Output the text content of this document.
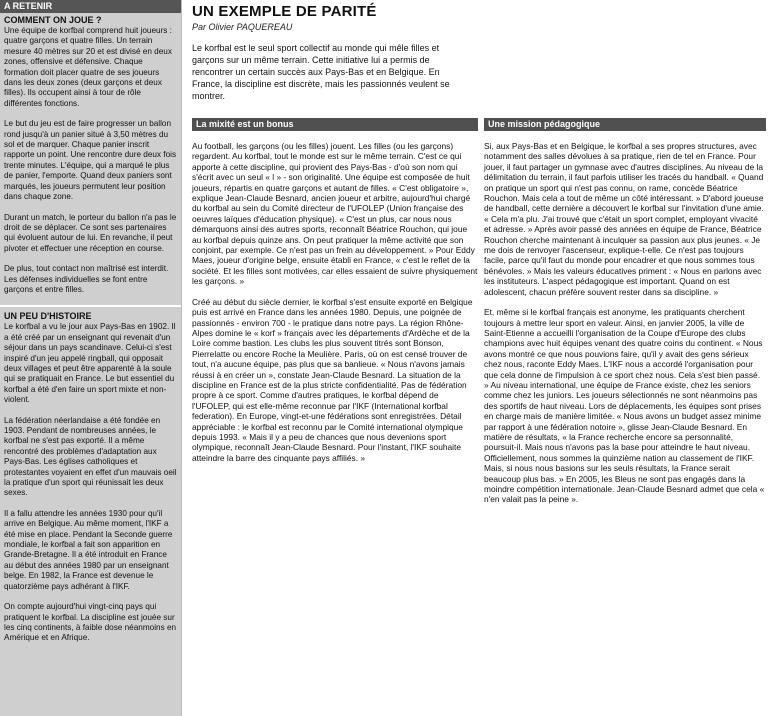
A RETENIR
COMMENT ON JOUE ?

Une équipe de korfbal comprend huit joueurs : quatre garçons et quatre filles. Un terrain mesure 40 mètres sur 20 et est divisé en deux zones, offensive et défensive. Chaque formation doit placer quatre de ses joueurs dans les deux zones (deux garçons et deux filles). Ils occupent ainsi à tour de rôle différentes fonctions.

Le but du jeu est de faire progresser un ballon rond jusqu'à un panier situé à 3,50 mètres du sol et de marquer. Chaque panier inscrit rapporte un point. Une rencontre dure deux fois trente minutes. L'équipe, qui a marqué le plus de panier, l'emporte. Quand deux paniers sont marqués, les joueurs permutent leur position dans chaque zone.

Durant un match, le porteur du ballon n'a pas le droit de se déplacer. Ce sont ses partenaires qui évoluent autour de lui. En revanche, il peut pivoter et effectuer une réception en course.

De plus, tout contact non maîtrisé est interdit. Les défenses individuelles se font entre garçons et entre filles.

UN PEU D'HISTOIRE

Le korfbal a vu le jour aux Pays-Bas en 1902. Il a été créé par un enseignant qui revenait d'un séjour dans un pays scandinave. Celui-ci s'est inspiré d'un jeu appelé ringball, qui opposait deux villages et peut être apparenté à la soule qui se pratiquait en France. Le but essentiel du korfbal a été d'en faire un sport mixte et non-violent.

La fédération néerlandaise a été fondée en 1903. Pendant de nombreuses années, le korfbal ne s'est pas exporté. Il a même rencontré des problèmes d'adaptation aux Pays-Bas. Les églises catholiques et protestantes voyaient en effet d'un mauvais oeil la pratique d'un sport qui réunissait les deux sexes.

Il a fallu attendre les années 1930 pour qu'il arrive en Belgique. Au même moment, l'IKF a été mise en place. Pendant la Seconde guerre mondiale, le korfbal a fait son apparition en Grande-Bretagne. Il a été introduit en France au début des années 1980 par un enseignant belge. En 1982, la France est devenue le quatorzième pays adhérant à l'IKF.

On compte aujourd'hui vingt-cinq pays qui pratiquent le korfbal. La discipline est jouée sur les cinq continents, à faible dose néanmoins en Amérique et en Afrique.

UN EXEMPLE DE PARITÉ
Par Olivier PAQUEREAU

Le korfbal est le seul sport collectif au monde qui mêle filles et garçons sur un même terrain. Cette initiative lui a permis de rencontrer un certain succès aux Pays-Bas et en Belgique. En France, la discipline est discrète, mais les passionnés veulent se montrer.

La mixité est un bonus

Au football, les garçons (ou les filles) jouent. Les filles (ou les garçons) regardent. Au korfbal, tout le monde est sur le même terrain. C'est ce qui apporte à cette discipline, qui provient des Pays-Bas - d'où son nom qui s'écrit avec un seul « l » - son originalité. Une équipe est composée de huit joueurs, répartis en quatre garçons et autant de filles. « C'est obligatoire », explique Jean-Claude Besnard, ancien joueur et arbitre, aujourd'hui chargé du korfbal au sein du Comité directeur de l'UFOLEP (Union française des oeuvres laïques d'éducation physique). « C'est un plus, car nous nous démarquons ainsi des autres sports, reconnaît Béatrice Rouchon, qui joue au korfbal depuis quinze ans. On peut pratiquer la même activité que son conjoint, par exemple. Ce n'est pas un frein au développement. » Pour Eddy Maes, joueur d'origine belge, ensuite établi en France, « c'est le reflet de la société. Et les filles sont motivées, car elles essaient de suivre physiquement les garçons. »

Créé au début du siècle dernier, le korfbal s'est ensuite exporté en Belgique puis est arrivé en France dans les années 1980. Depuis, une poignée de passionnés - environ 700 - le pratique dans notre pays. La région Rhône-Alpes domine le « korf » français avec les départements d'Ardèche et de la Loire comme bastion. Les clubs les plus souvent titrés sont Bonson, Pierrelatte ou encore Roche la Meulière. Paris, où on est censé trouver de tout, n'a aucune équipe, pas plus que sa banlieue. « Nous n'avons jamais réussi à en créer un », constate Jean-Claude Besnard. La situation de la discipline en France est de la plus stricte confidentialité. Pas de fédération propre à ce sport. Comme d'autres pratiques, le korfbal dépend de l'UFOLEP, qui est elle-même reconnue par l'IKF (International korfbal federation). En Europe, vingt-et-une fédérations sont enregistrées. Détail appréciable : le korfbal est reconnu par le Comité international olympique depuis 1993. « Mais il y a peu de chances que nous devenions sport olympique, reconnaît Jean-Claude Besnard. Pour l'instant, l'IKF souhaite atteindre la barre des cinquante pays affiliés. »

Une mission pédagogique

Si, aux Pays-Bas et en Belgique, le korfbal a ses propres structures, avec notamment des salles dévolues à sa pratique, rien de tel en France. Pour jouer, il faut partager un gymnase avec d'autres disciplines. Au niveau de la délimitation du terrain, il faut parfois utiliser les tracés du handball. « Quand on pratique un sport qui n'est pas connu, on rame, concède Béatrice Rouchon. Mais cela a tout de même un côté intéressant. » D'abord joueuse de handball, cette dernière a découvert le korfbal sur l'invitation d'une amie. « Cela m'a plu. J'ai trouvé que c'était un sport complet, employant vivacité et adresse. » Après avoir passé des années en équipe de France, Béatrice Rouchon cherche maintenant à inculquer sa passion aux plus jeunes. « Je me dois de renvoyer l'ascenseur, explique-t-elle. Ce n'est pas toujours facile, parce qu'il faut du monde pour encadrer et que nous sommes tous bénévoles. » Mais les valeurs éducatives priment : « Nous en parlons avec les instituteurs. L'aspect pédagogique est important. Quand on est adolescent, chacun préfère souvent rester dans sa discipline. »

Et, même si le korfbal français est anonyme, les pratiquants cherchent toujours à mettre leur sport en valeur. Ainsi, en janvier 2005, la ville de Saint-Etienne a accueilli l'organisation de la Coupe d'Europe des clubs champions avec huit équipes venant des quatre coins du continent. « Nous avons montré ce que nous pouvions faire, qu'il y avait des gens sérieux chez nous, raconte Eddy Maes. L'IKF nous a accordé l'organisation pour que cela donne de l'impulsion à ce sport chez nous. Cela s'est bien passé. » Au niveau international, une équipe de France existe, chez les seniors comme chez les juniors. Les joueurs sélectionnés ne sont néanmoins pas des sportifs de haut niveau. Lors de déplacements, les équipes sont prises en charge mais de manière limitée. « Nous avons un budget assez minime par rapport à une fédération notoire », glisse Jean-Claude Besnard. En matière de résultats, « la France recherche encore sa personnalité, poursuit-il. Mais nous n'avons pas la base pour atteindre le haut niveau. Officiellement, nous sommes la quinzième nation au classement de l'IKF. Mais, si nous nous basions sur les seuls résultats, la France serait beaucoup plus bas. » En 2005, les Bleus ne sont pas engagés dans la moindre compétition internationale. Jean-Claude Besnard admet que cela « n'en valait pas la peine ».
